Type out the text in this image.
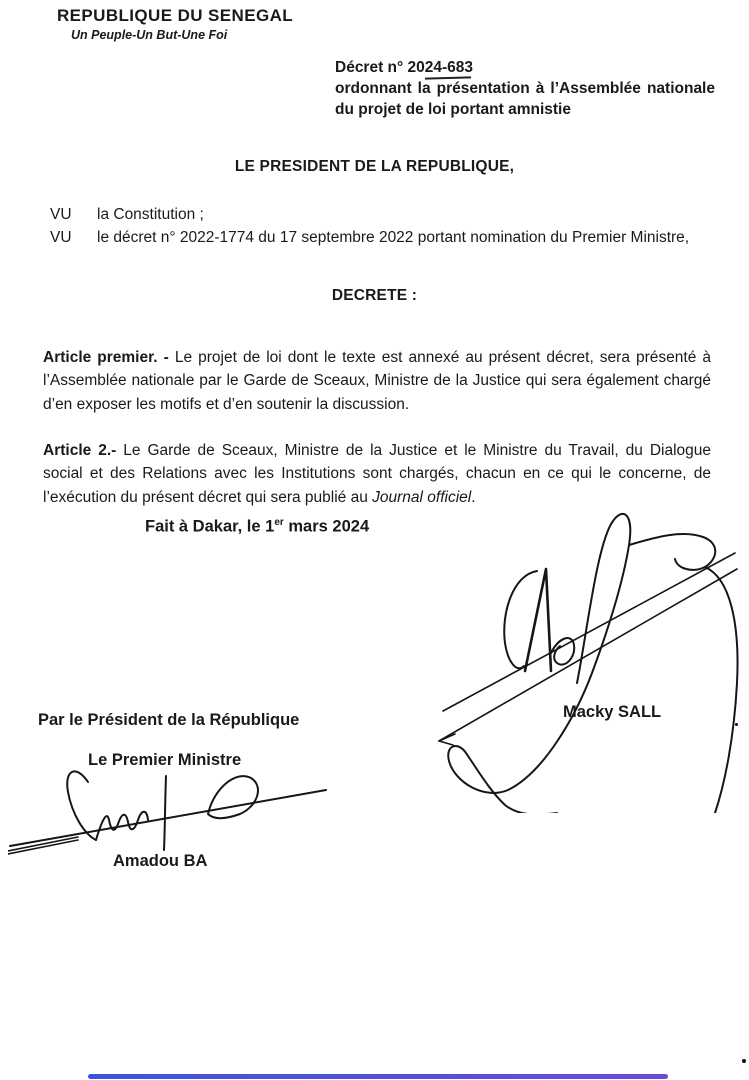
REPUBLIQUE DU SENEGAL
Un Peuple-Un But-Une Foi
Décret n° 2024-683
ordonnant la présentation à l’Assemblée nationale du projet de loi portant amnistie
LE PRESIDENT DE LA REPUBLIQUE,
VU	la Constitution ;
VU	le décret n° 2022-1774 du 17 septembre 2022 portant nomination du Premier Ministre,
DECRETE :

Article premier. - Le projet de loi dont le texte est annexé au présent décret, sera présenté à l’Assemblée nationale par le Garde de Sceaux, Ministre de la Justice qui sera également chargé d’en exposer les motifs et d’en soutenir la discussion.

Article 2.- Le Garde de Sceaux, Ministre de la Justice et le Ministre du Travail, du Dialogue social et des Relations avec les Institutions sont chargés, chacun en ce qui le concerne, de l’exécution du présent décret qui sera publié au Journal officiel.

Fait à Dakar, le 1er mars 2024
Macky SALL
Par le Président de la République
Le Premier Ministre
Amadou BA
